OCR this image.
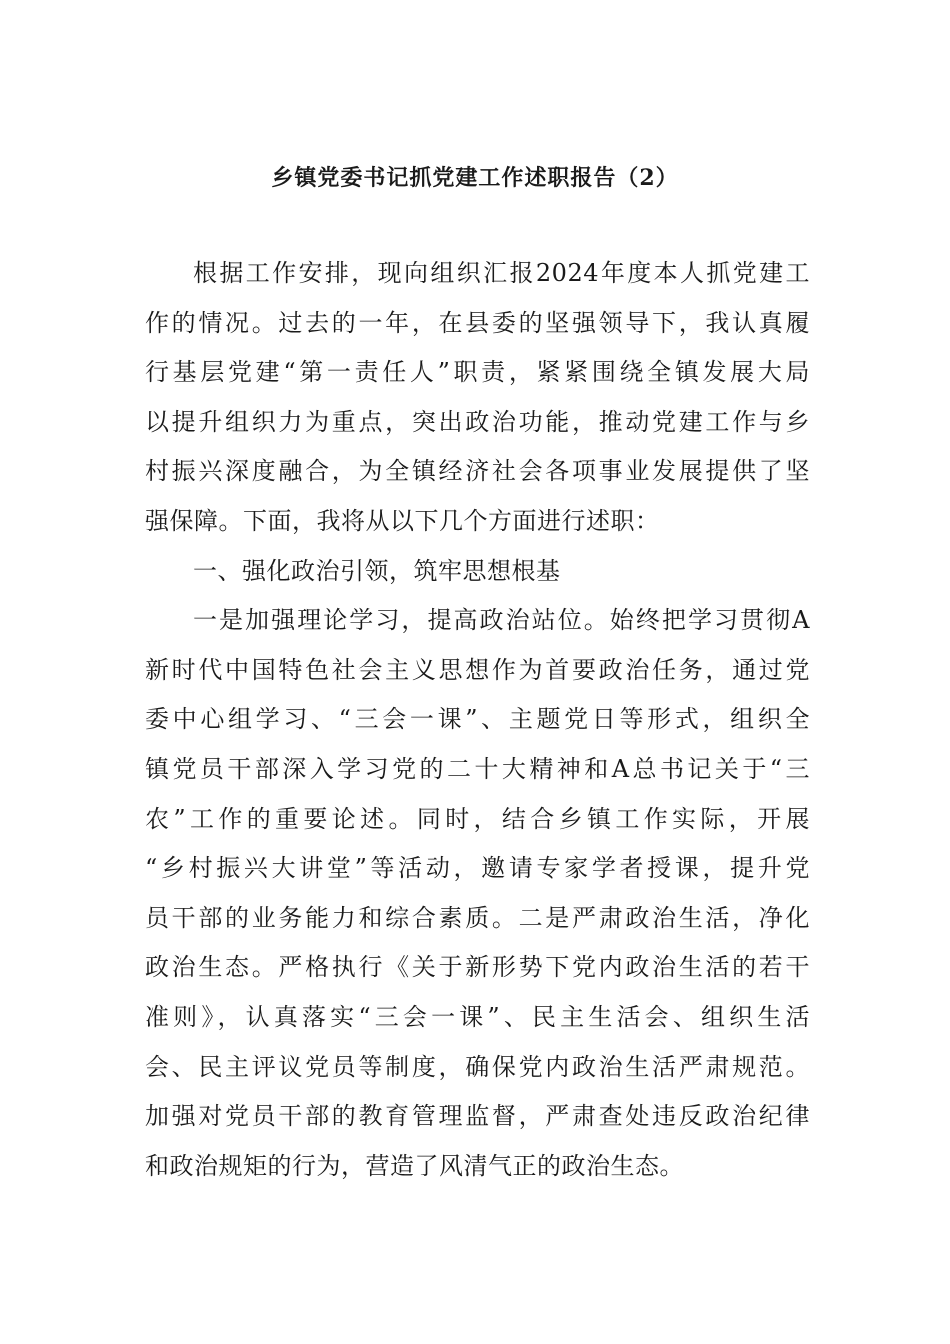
乡镇党委书记抓党建工作述职报告（2）
根据工作安排，现向组织汇报2024年度本人抓党建工
作的情况。过去的一年，在县委的坚强领导下，我认真履
行基层党建“第一责任人”职责，紧紧围绕全镇发展大局
以提升组织力为重点，突出政治功能，推动党建工作与乡
村振兴深度融合，为全镇经济社会各项事业发展提供了坚
强保障。下面，我将从以下几个方面进行述职：
一、强化政治引领，筑牢思想根基
一是加强理论学习，提高政治站位。始终把学习贯彻A
新时代中国特色社会主义思想作为首要政治任务，通过党
委中心组学习、“三会一课”、主题党日等形式，组织全
镇党员干部深入学习党的二十大精神和A总书记关于“三
农”工作的重要论述。同时，结合乡镇工作实际，开展
“乡村振兴大讲堂”等活动，邀请专家学者授课，提升党
员干部的业务能力和综合素质。二是严肃政治生活，净化
政治生态。严格执行《关于新形势下党内政治生活的若干
准则》，认真落实“三会一课”、民主生活会、组织生活
会、民主评议党员等制度，确保党内政治生活严肃规范。
加强对党员干部的教育管理监督，严肃查处违反政治纪律
和政治规矩的行为，营造了风清气正的政治生态。
